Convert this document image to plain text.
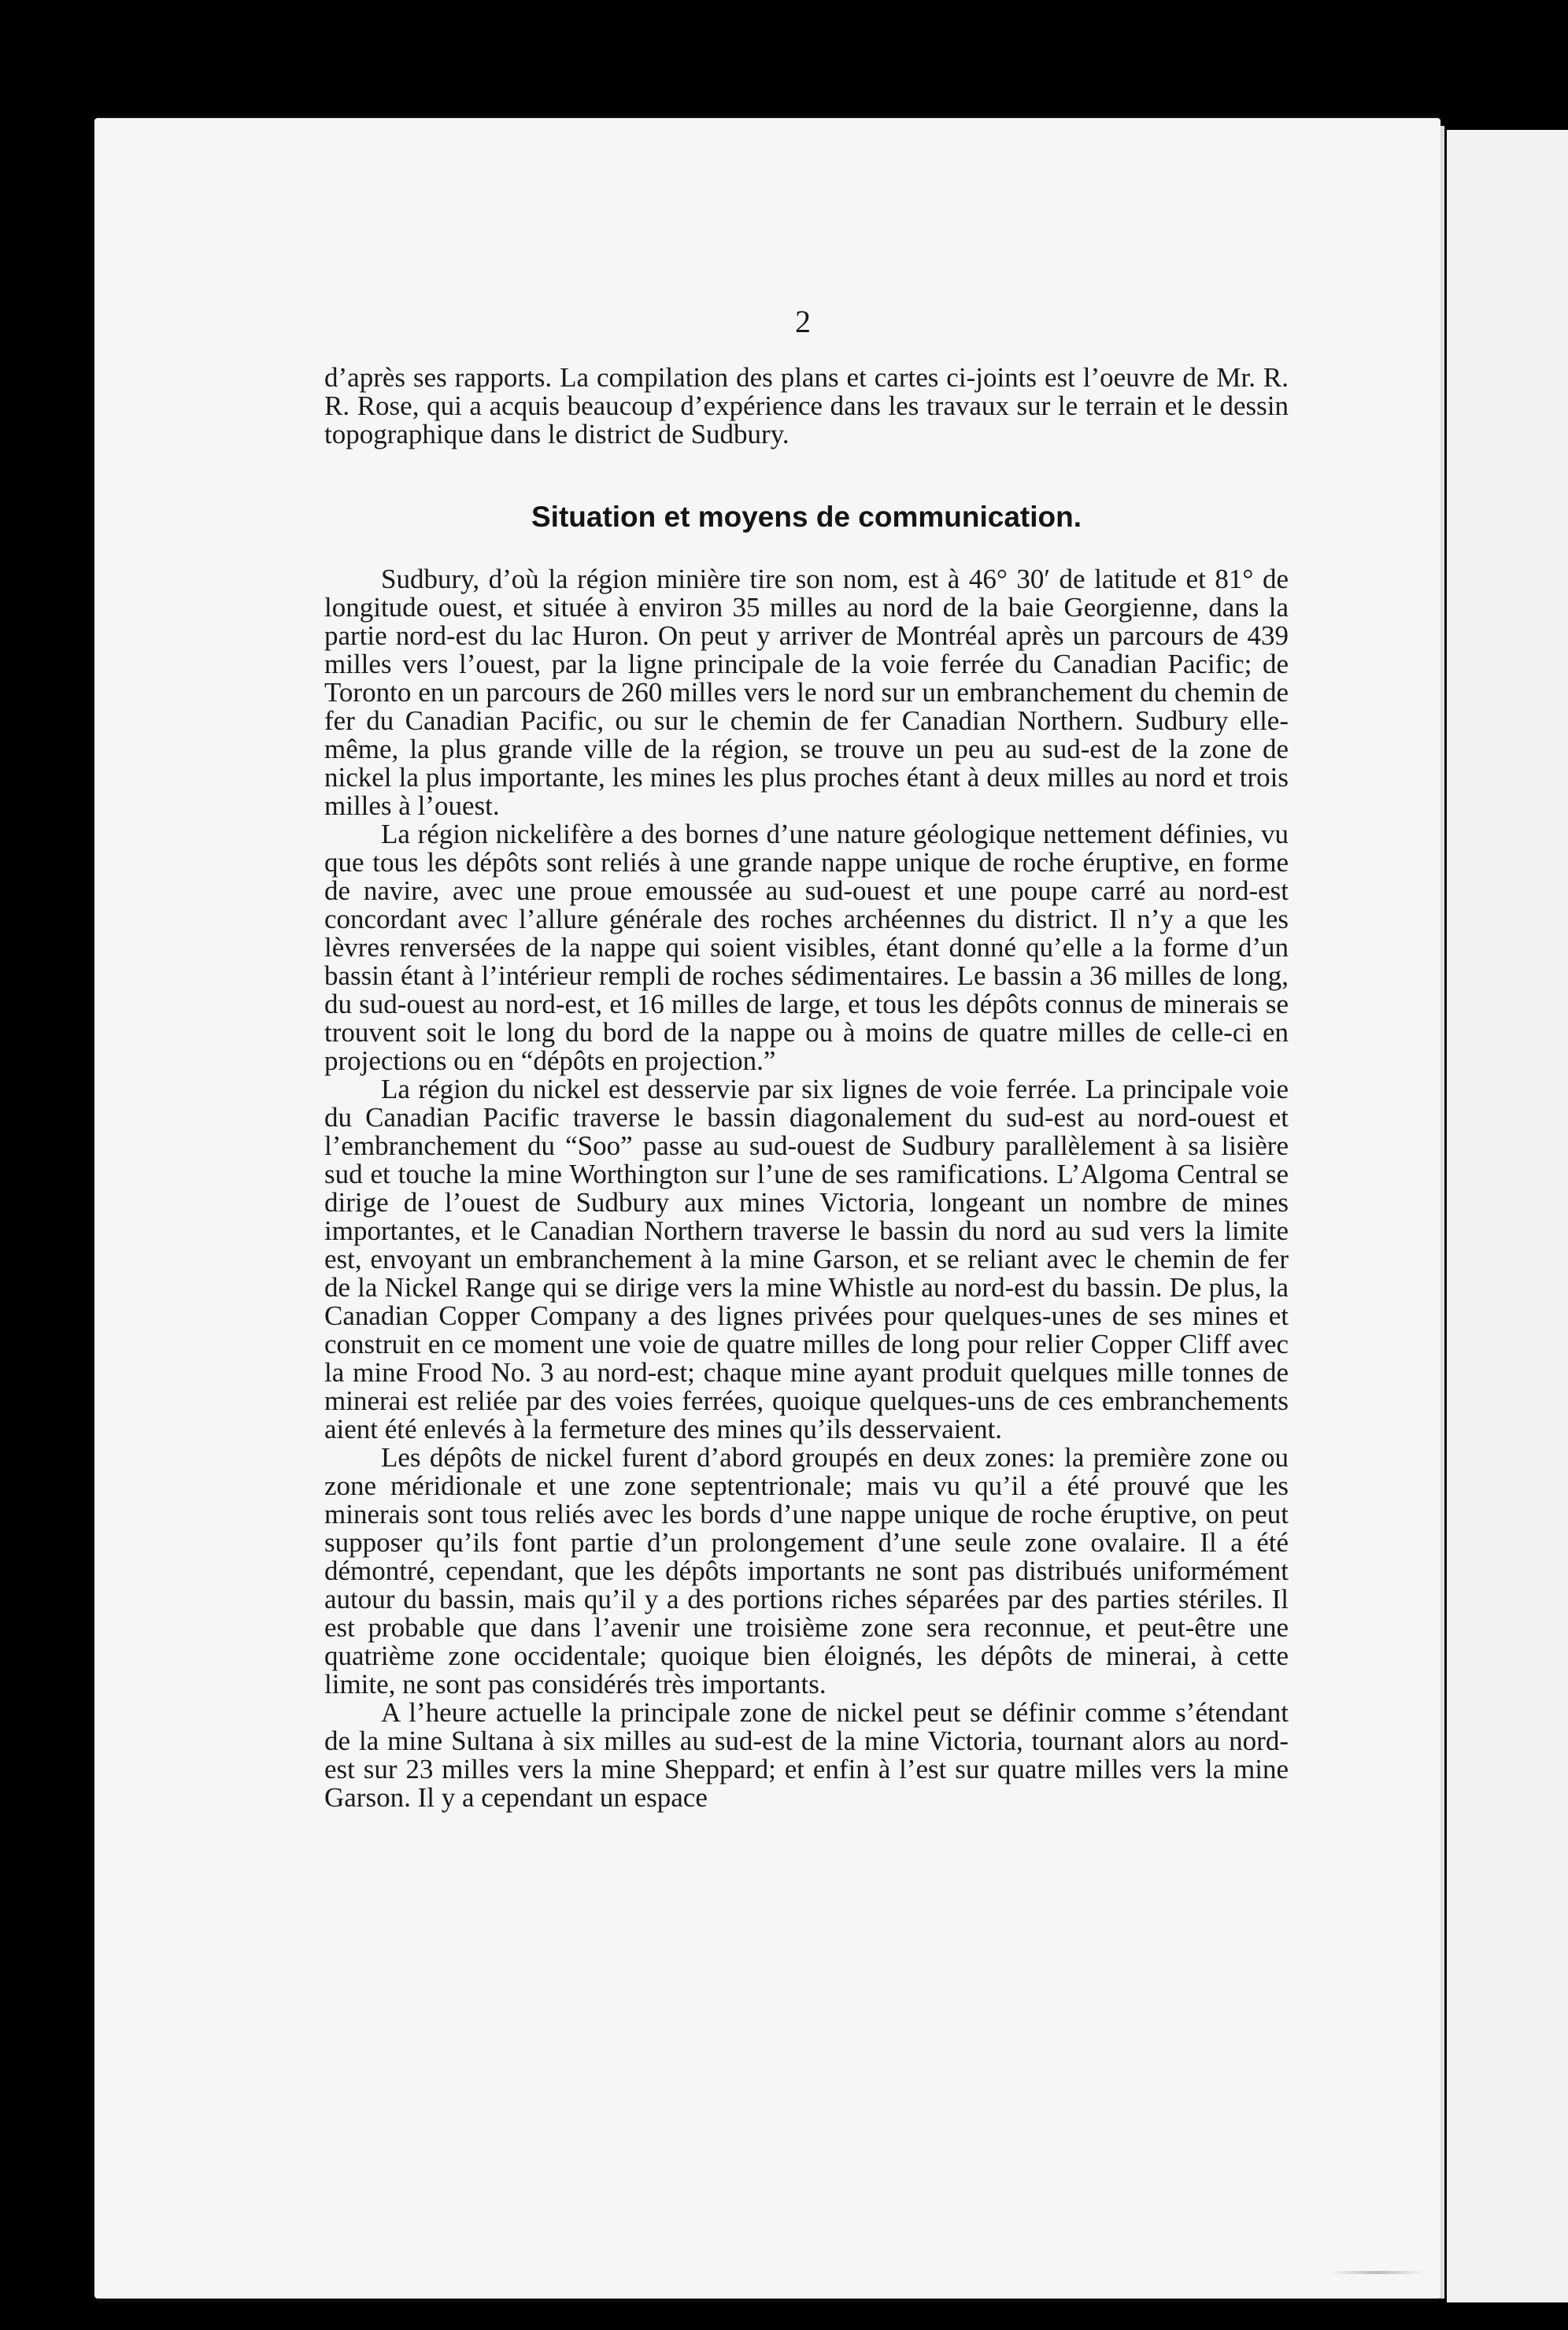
2

d’après ses rapports. La compilation des plans et cartes ci-joints est l’oeuvre de Mr. R. R. Rose, qui a acquis beaucoup d’expérience dans les travaux sur le terrain et le dessin topographique dans le district de Sudbury.

Situation et moyens de communication.

Sudbury, d’où la région minière tire son nom, est à 46° 30′ de latitude et 81° de longitude ouest, et située à environ 35 milles au nord de la baie Georgienne, dans la partie nord-est du lac Huron. On peut y arriver de Montréal après un parcours de 439 milles vers l’ouest, par la ligne principale de la voie ferrée du Canadian Pacific; de Toronto en un parcours de 260 milles vers le nord sur un embranchement du chemin de fer du Canadian Pacific, ou sur le chemin de fer Canadian Northern. Sudbury elle-même, la plus grande ville de la région, se trouve un peu au sud-est de la zone de nickel la plus importante, les mines les plus proches étant à deux milles au nord et trois milles à l’ouest.

La région nickelifère a des bornes d’une nature géologique nettement définies, vu que tous les dépôts sont reliés à une grande nappe unique de roche éruptive, en forme de navire, avec une proue emoussée au sud-ouest et une poupe carré au nord-est concordant avec l’allure générale des roches archéennes du district. Il n’y a que les lèvres renversées de la nappe qui soient visibles, étant donné qu’elle a la forme d’un bassin étant à l’intérieur rempli de roches sédimentaires. Le bassin a 36 milles de long, du sud-ouest au nord-est, et 16 milles de large, et tous les dépôts connus de minerais se trouvent soit le long du bord de la nappe ou à moins de quatre milles de celle-ci en projections ou en “dépôts en projection.”

La région du nickel est desservie par six lignes de voie ferrée. La principale voie du Canadian Pacific traverse le bassin diagonalement du sud-est au nord-ouest et l’embranchement du “Soo” passe au sud-ouest de Sudbury parallèlement à sa lisière sud et touche la mine Worthington sur l’une de ses ramifications. L’Algoma Central se dirige de l’ouest de Sudbury aux mines Victoria, longeant un nombre de mines importantes, et le Canadian Northern traverse le bassin du nord au sud vers la limite est, envoyant un embranchement à la mine Garson, et se reliant avec le chemin de fer de la Nickel Range qui se dirige vers la mine Whistle au nord-est du bassin. De plus, la Canadian Copper Company a des lignes privées pour quelques-unes de ses mines et construit en ce moment une voie de quatre milles de long pour relier Copper Cliff avec la mine Frood No. 3 au nord-est; chaque mine ayant produit quelques mille tonnes de minerai est reliée par des voies ferrées, quoique quelques-uns de ces embranchements aient été enlevés à la fermeture des mines qu’ils desservaient.

Les dépôts de nickel furent d’abord groupés en deux zones: la première zone ou zone méridionale et une zone septentrionale; mais vu qu’il a été prouvé que les minerais sont tous reliés avec les bords d’une nappe unique de roche éruptive, on peut supposer qu’ils font partie d’un prolongement d’une seule zone ovalaire. Il a été démontré, cependant, que les dépôts importants ne sont pas distribués uniformément autour du bassin, mais qu’il y a des portions riches séparées par des parties stériles. Il est probable que dans l’avenir une troisième zone sera reconnue, et peut-être une quatrième zone occidentale; quoique bien éloignés, les dépôts de minerai, à cette limite, ne sont pas considérés très importants.

A l’heure actuelle la principale zone de nickel peut se définir comme s’étendant de la mine Sultana à six milles au sud-est de la mine Victoria, tournant alors au nord-est sur 23 milles vers la mine Sheppard; et enfin à l’est sur quatre milles vers la mine Garson. Il y a cependant un espace
